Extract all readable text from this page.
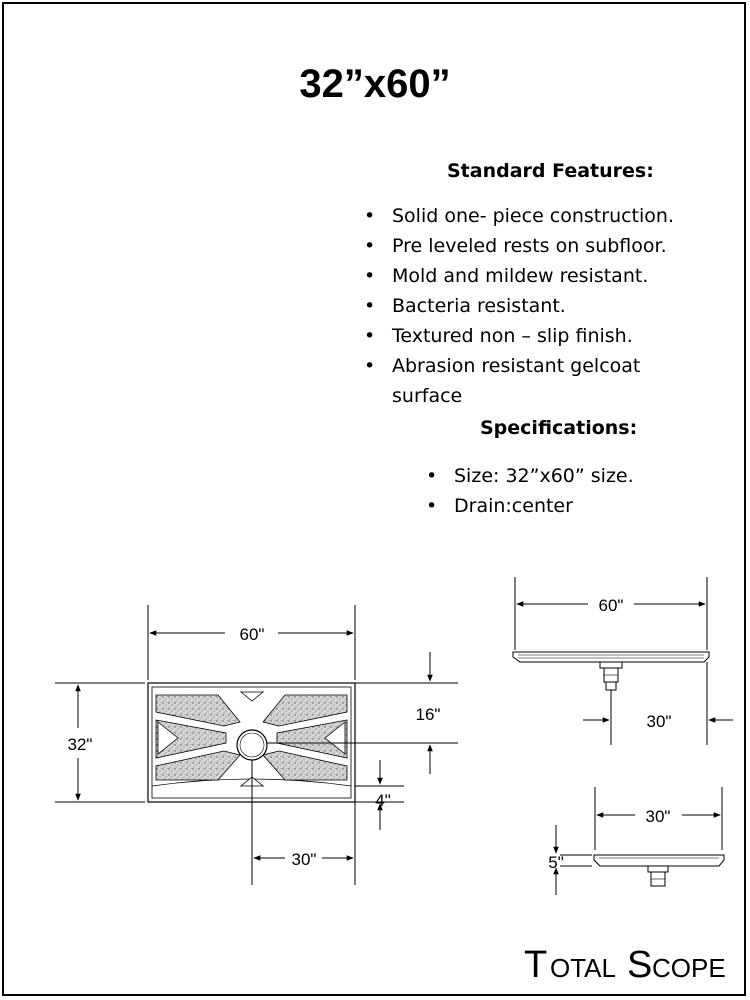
32”x60”
Standard Features:
• Solid one- piece construction.
• Pre leveled rests on subfloor.
• Mold and mildew resistant.
• Bacteria resistant.
• Textured non – slip finish.
• Abrasion resistant gelcoat surface
Specifications:
• Size: 32”x60” size.
• Drain:center
60"
32"
16"
4"
30"
60"
30"
30"
5"
T OTAL S COPE
